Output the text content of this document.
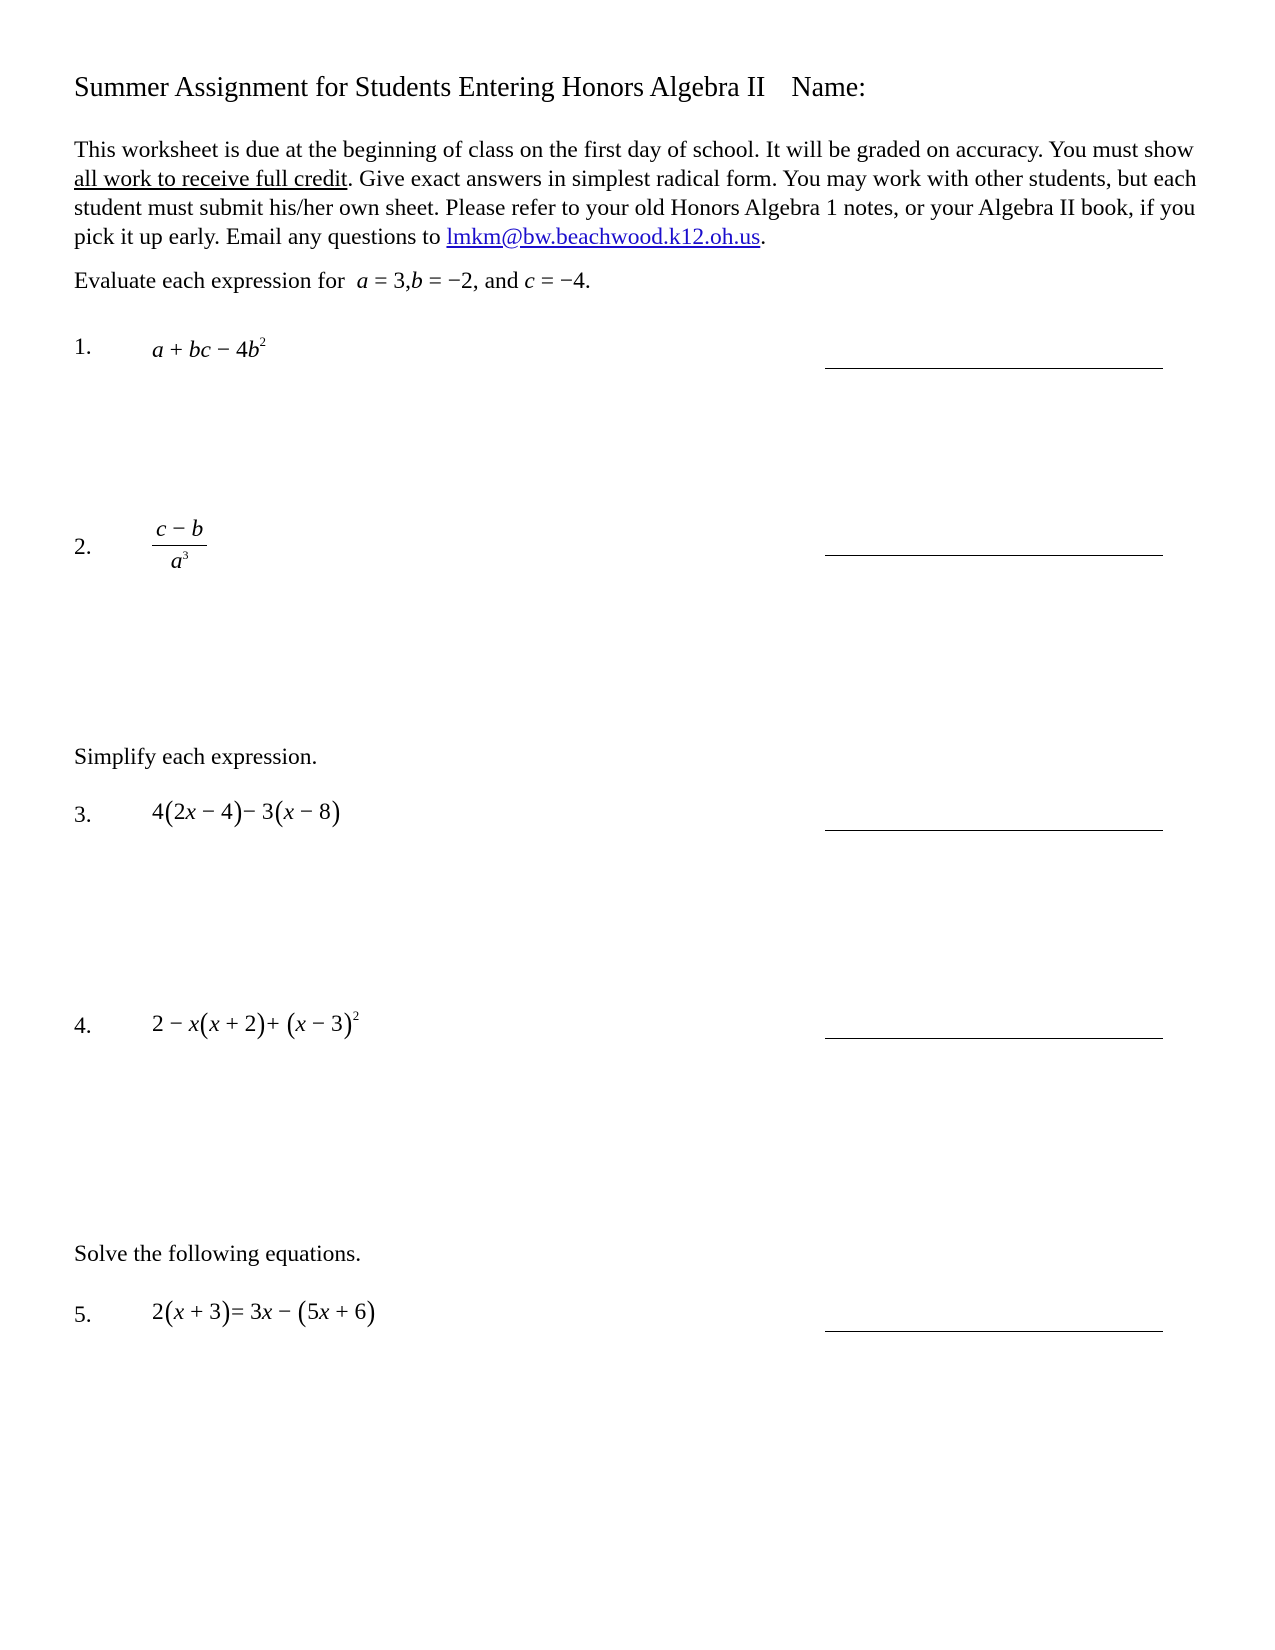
Summer Assignment for Students Entering Honors Algebra II Name:
This worksheet is due at the beginning of class on the first day of school. It will be graded on accuracy. You must show all work to receive full credit. Give exact answers in simplest radical form. You may work with other students, but each student must submit his/her own sheet. Please refer to your old Honors Algebra 1 notes, or your Algebra II book, if you pick it up early. Email any questions to lmkm@bw.beachwood.k12.oh.us.
Evaluate each expression for a = 3,b = −2, and c = −4.
1.	a + bc − $4b^2$
2.	$\frac{c - b}{a^3}$
Simplify each expression.
3.	4(2x − 4)− 3(x − 8)
4.	$2 - x(x + 2)+ (x - 3)^2$
Solve the following equations.
5.	2(x + 3)= 3x − (5x + 6)
